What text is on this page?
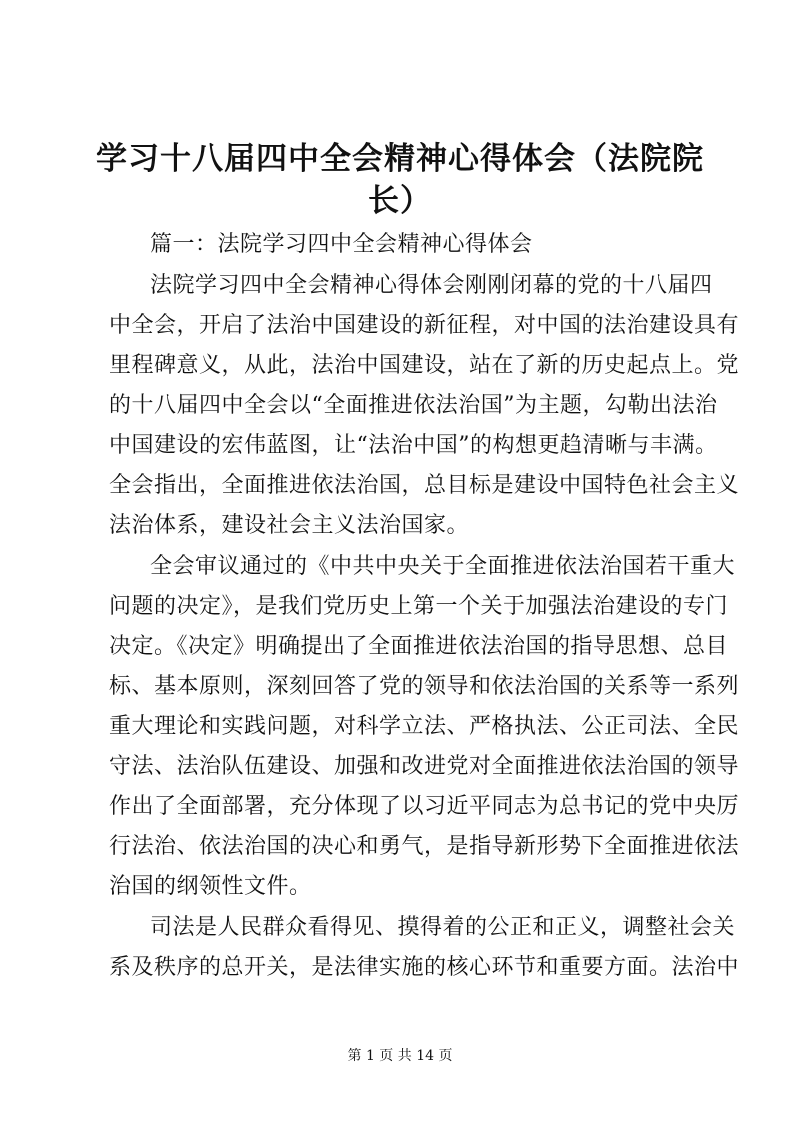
学习十八届四中全会精神心得体会（法院院
长）
篇一：法院学习四中全会精神心得体会
法院学习四中全会精神心得体会刚刚闭幕的党的十八届四
中全会，开启了法治中国建设的新征程，对中国的法治建设具有
里程碑意义，从此，法治中国建设，站在了新的历史起点上。党
的十八届四中全会以“全面推进依法治国”为主题，勾勒出法治
中国建设的宏伟蓝图，让“法治中国”的构想更趋清晰与丰满。
全会指出，全面推进依法治国，总目标是建设中国特色社会主义
法治体系，建设社会主义法治国家。
全会审议通过的《中共中央关于全面推进依法治国若干重大
问题的决定》，是我们党历史上第一个关于加强法治建设的专门
决定。《决定》明确提出了全面推进依法治国的指导思想、总目
标、基本原则，深刻回答了党的领导和依法治国的关系等一系列
重大理论和实践问题，对科学立法、严格执法、公正司法、全民
守法、法治队伍建设、加强和改进党对全面推进依法治国的领导
作出了全面部署，充分体现了以习近平同志为总书记的党中央厉
行法治、依法治国的决心和勇气，是指导新形势下全面推进依法
治国的纲领性文件。
司法是人民群众看得见、摸得着的公正和正义，调整社会关
系及秩序的总开关，是法律实施的核心环节和重要方面。法治中
第 1 页 共 14 页
